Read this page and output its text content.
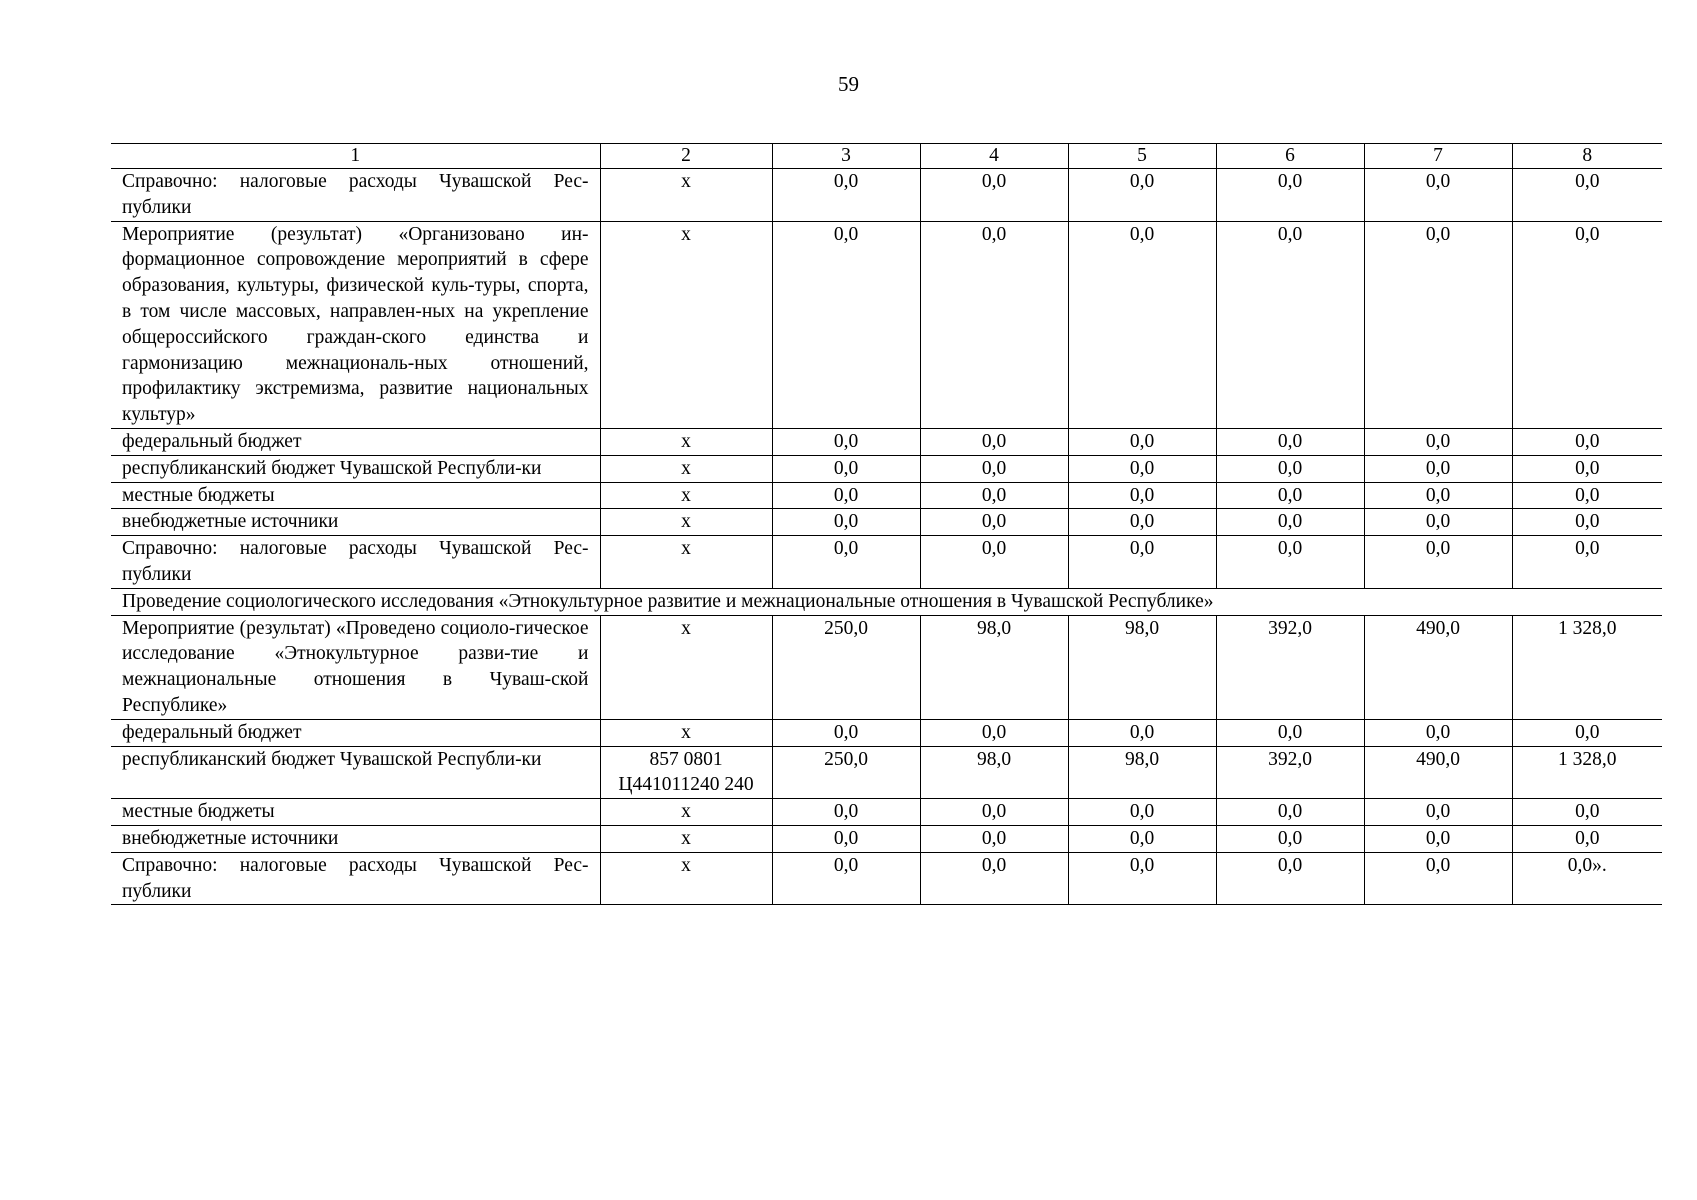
59
1	2	3	4	5	6	7	8
Справочно: налоговые расходы Чувашской Рес-публики	х	0,0	0,0	0,0	0,0	0,0	0,0
Мероприятие (результат) «Организовано ин-формационное сопровождение мероприятий в сфере образования, культуры, физической куль-туры, спорта, в том числе массовых, направлен-ных на укрепление общероссийского граждан-ского единства и гармонизацию межнациональ-ных отношений, профилактику экстремизма, развитие национальных культур»	х	0,0	0,0	0,0	0,0	0,0	0,0
федеральный бюджет	х	0,0	0,0	0,0	0,0	0,0	0,0
республиканский бюджет Чувашской Республи-ки	х	0,0	0,0	0,0	0,0	0,0	0,0
местные бюджеты	х	0,0	0,0	0,0	0,0	0,0	0,0
внебюджетные источники	х	0,0	0,0	0,0	0,0	0,0	0,0
Справочно: налоговые расходы Чувашской Рес-публики	х	0,0	0,0	0,0	0,0	0,0	0,0
Проведение социологического исследования «Этнокультурное развитие и межнациональные отношения в Чувашской Республике»							
Мероприятие (результат) «Проведено социоло-гическое исследование «Этнокультурное разви-тие и межнациональные отношения в Чуваш-ской Республике»	х	250,0	98,0	98,0	392,0	490,0	1 328,0
федеральный бюджет	х	0,0	0,0	0,0	0,0	0,0	0,0
республиканский бюджет Чувашской Республи-ки	857 0801 Ц441011240 240	250,0	98,0	98,0	392,0	490,0	1 328,0
местные бюджеты	х	0,0	0,0	0,0	0,0	0,0	0,0
внебюджетные источники	х	0,0	0,0	0,0	0,0	0,0	0,0
Справочно: налоговые расходы Чувашской Рес-публики	х	0,0	0,0	0,0	0,0	0,0	0,0».
